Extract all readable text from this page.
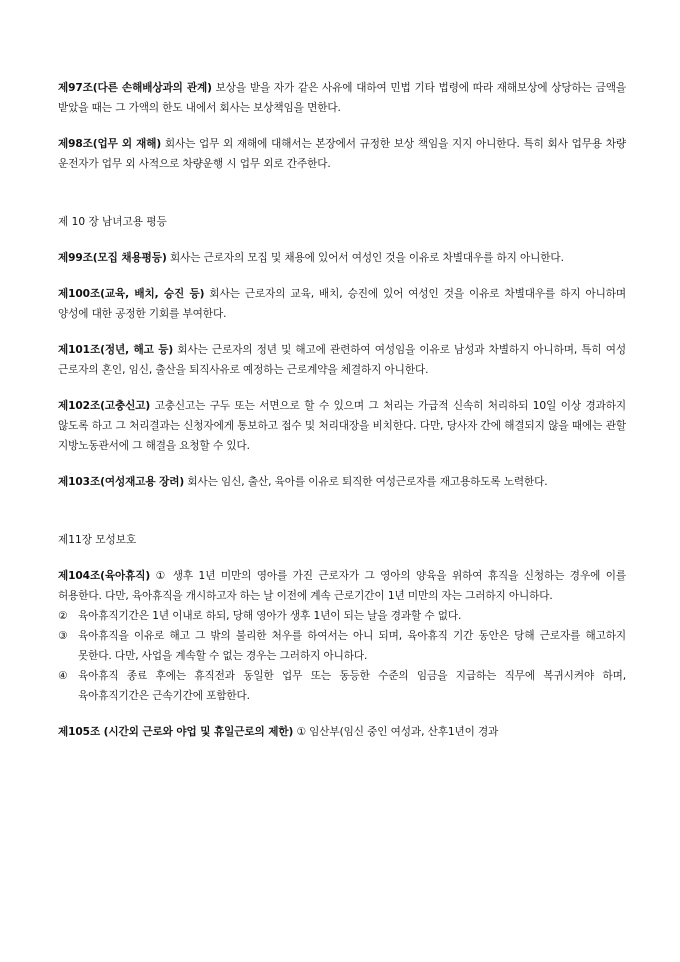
제97조(다른 손해배상과의 관계) 보상을 받을 자가 같은 사유에 대하여 민법 기타 법령에 따라 재해보상에 상당하는 금액을 받았을 때는 그 가액의 한도 내에서 회사는 보상책임을 면한다.

제98조(업무 외 재해) 회사는 업무 외 재해에 대해서는 본장에서 규정한 보상 책임을 지지 아니한다. 특히 회사 업무용 차량 운전자가 업무 외 사적으로 차량운행 시 업무 외로 간주한다.

제 10 장 남녀고용 평등

제99조(모집 채용평등) 회사는 근로자의 모집 및 채용에 있어서 여성인 것을 이유로 차별대우를 하지 아니한다.

제100조(교육, 배치, 승진 등) 회사는 근로자의 교육, 배치, 승진에 있어 여성인 것을 이유로 차별대우를 하지 아니하며 양성에 대한 공정한 기회를 부여한다.

제101조(정년, 해고 등) 회사는 근로자의 정년 및 해고에 관련하여 여성임을 이유로 남성과 차별하지 아니하며, 특히 여성 근로자의 혼인, 임신, 출산을 퇴직사유로 예정하는 근로계약을 체결하지 아니한다.

제102조(고충신고) 고충신고는 구두 또는 서면으로 할 수 있으며 그 처리는 가급적 신속히 처리하되 10일 이상 경과하지 않도록 하고 그 처리결과는 신청자에게 통보하고 접수 및 처리대장을 비치한다. 다만, 당사자 간에 해결되지 않을 때에는 관할 지방노동관서에 그 해결을 요청할 수 있다.

제103조(여성재고용 장려) 회사는 임신, 출산, 육아를 이유로 퇴직한 여성근로자를 재고용하도록 노력한다.

제11장 모성보호

제104조(육아휴직) ① 생후 1년 미만의 영아를 가진 근로자가 그 영아의 양육을 위하여 휴직을 신청하는 경우에 이를 허용한다. 다만, 육아휴직을 개시하고자 하는 날 이전에 계속 근로기간이 1년 미만의 자는 그러하지 아니하다.

② 육아휴직기간은 1년 이내로 하되, 당해 영아가 생후 1년이 되는 날을 경과할 수 없다.
③ 육아휴직을 이유로 해고 그 밖의 불리한 처우를 하여서는 아니 되며, 육아휴직 기간 동안은 당해 근로자를 해고하지 못한다. 다만, 사업을 계속할 수 없는 경우는 그러하지 아니하다.
④ 육아휴직 종료 후에는 휴직전과 동일한 업무 또는 동등한 수준의 임금을 지급하는 직무에 복귀시켜야 하며, 육아휴직기간은 근속기간에 포함한다.

제105조 (시간외 근로와 야업 및 휴일근로의 제한) ① 임산부(임신 중인 여성과, 산후1년이 경과
